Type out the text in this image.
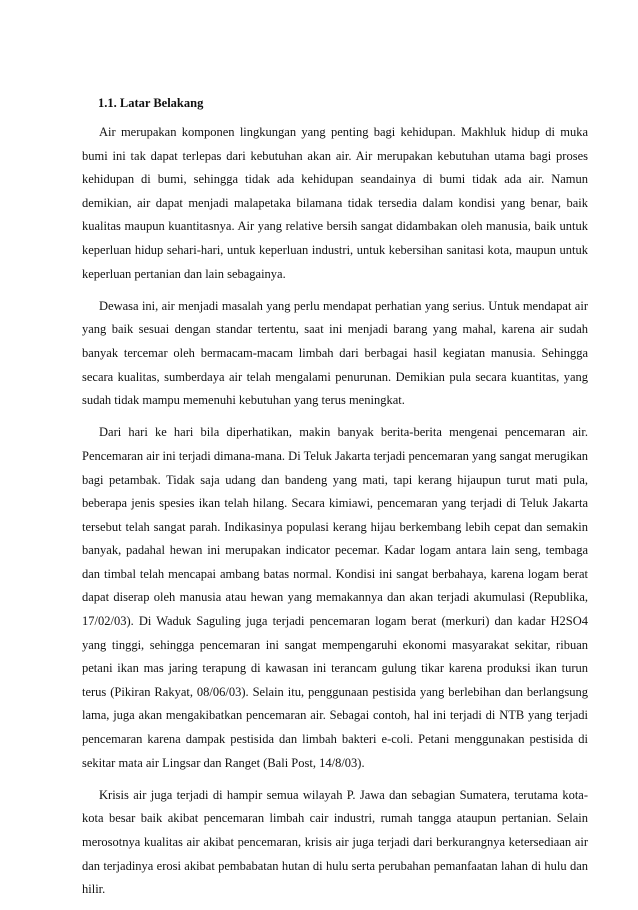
1.1. Latar Belakang

Air merupakan komponen lingkungan yang penting bagi kehidupan. Makhluk hidup di muka bumi ini tak dapat terlepas dari kebutuhan akan air. Air merupakan kebutuhan utama bagi proses kehidupan di bumi, sehingga tidak ada kehidupan seandainya di bumi tidak ada air. Namun demikian, air dapat menjadi malapetaka bilamana tidak tersedia dalam kondisi yang benar, baik kualitas maupun kuantitasnya. Air yang relative bersih sangat didambakan oleh manusia, baik untuk keperluan hidup sehari-hari, untuk keperluan industri, untuk kebersihan sanitasi kota, maupun untuk keperluan pertanian dan lain sebagainya.

Dewasa ini, air menjadi masalah yang perlu mendapat perhatian yang serius. Untuk mendapat air yang baik sesuai dengan standar tertentu, saat ini menjadi barang yang mahal, karena air sudah banyak tercemar oleh bermacam-macam limbah dari berbagai hasil kegiatan manusia. Sehingga secara kualitas, sumberdaya air telah mengalami penurunan. Demikian pula secara kuantitas, yang sudah tidak mampu memenuhi kebutuhan yang terus meningkat.

Dari hari ke hari bila diperhatikan, makin banyak berita-berita mengenai pencemaran air. Pencemaran air ini terjadi dimana-mana. Di Teluk Jakarta terjadi pencemaran yang sangat merugikan bagi petambak. Tidak saja udang dan bandeng yang mati, tapi kerang hijaupun turut mati pula, beberapa jenis spesies ikan telah hilang. Secara kimiawi, pencemaran yang terjadi di Teluk Jakarta tersebut telah sangat parah. Indikasinya populasi kerang hijau berkembang lebih cepat dan semakin banyak, padahal hewan ini merupakan indicator pecemar. Kadar logam antara lain seng, tembaga dan timbal telah mencapai ambang batas normal. Kondisi ini sangat berbahaya, karena logam berat dapat diserap oleh manusia atau hewan yang memakannya dan akan terjadi akumulasi (Republika, 17/02/03). Di Waduk Saguling juga terjadi pencemaran logam berat (merkuri) dan kadar H2SO4 yang tinggi, sehingga pencemaran ini sangat mempengaruhi ekonomi masyarakat sekitar, ribuan petani ikan mas jaring terapung di kawasan ini terancam gulung tikar karena produksi ikan turun terus (Pikiran Rakyat, 08/06/03). Selain itu, penggunaan pestisida yang berlebihan dan berlangsung lama, juga akan mengakibatkan pencemaran air. Sebagai contoh, hal ini terjadi di NTB yang terjadi pencemaran karena dampak pestisida dan limbah bakteri e-coli. Petani menggunakan pestisida di sekitar mata air Lingsar dan Ranget (Bali Post, 14/8/03).

Krisis air juga terjadi di hampir semua wilayah P. Jawa dan sebagian Sumatera, terutama kota-kota besar baik akibat pencemaran limbah cair industri, rumah tangga ataupun pertanian. Selain merosotnya kualitas air akibat pencemaran, krisis air juga terjadi dari berkurangnya ketersediaan air dan terjadinya erosi akibat pembabatan hutan di hulu serta perubahan pemanfaatan lahan di hulu dan hilir.
